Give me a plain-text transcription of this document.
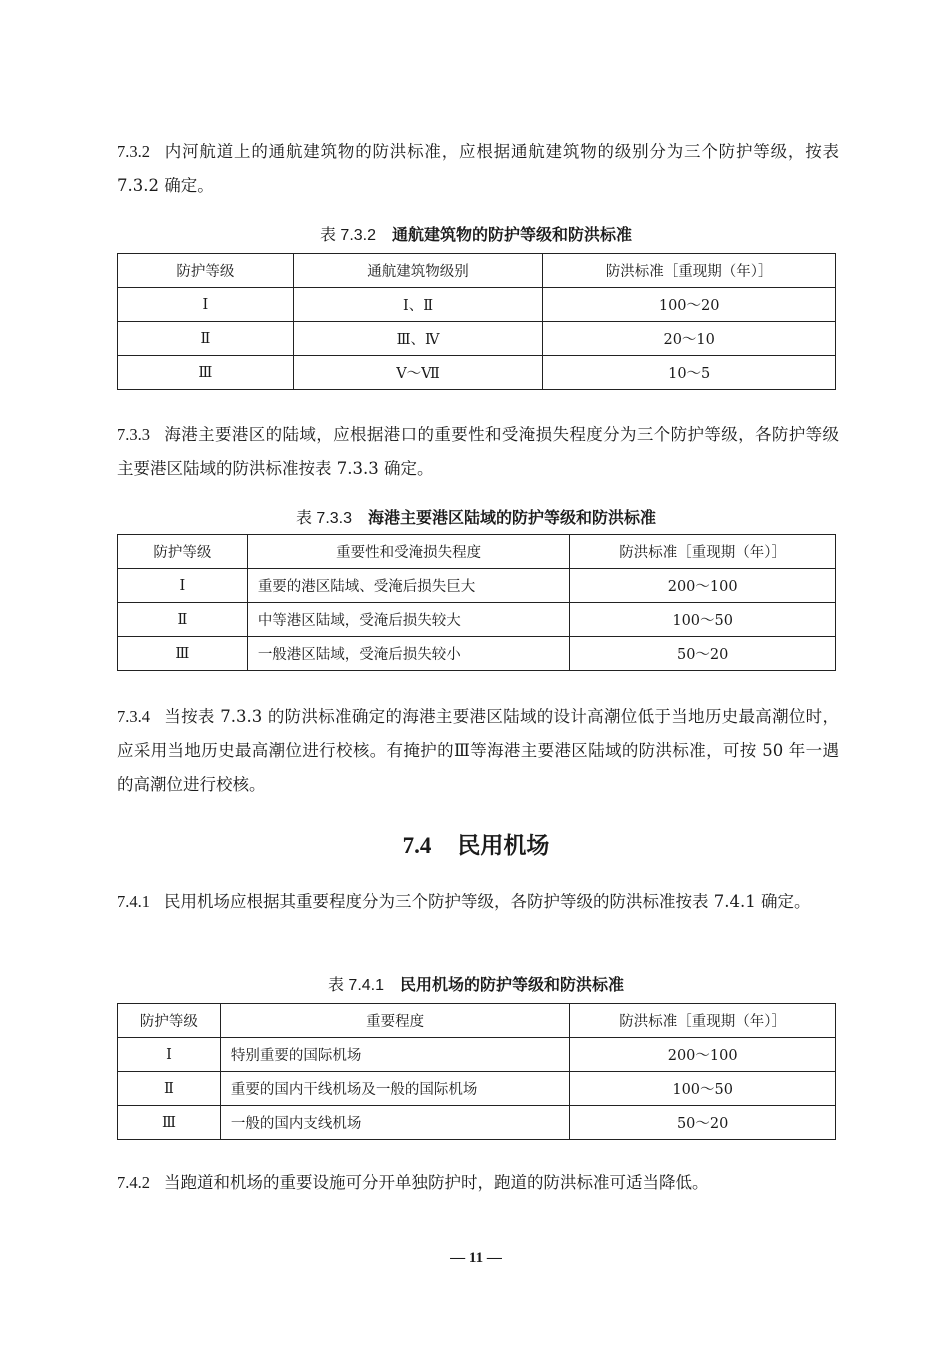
7.3.2 内河航道上的通航建筑物的防洪标准，应根据通航建筑物的级别分为三个防护等级，按表 7.3.2 确定。

表 7.3.2 通航建筑物的防护等级和防洪标准

防护等级	通航建筑物级别	防洪标准［重现期（年）］
Ⅰ	Ⅰ、Ⅱ	100～20
Ⅱ	Ⅲ、Ⅳ	20～10
Ⅲ	Ⅴ～Ⅶ	10～5

7.3.3 海港主要港区的陆域，应根据港口的重要性和受淹损失程度分为三个防护等级，各防护等级主要港区陆域的防洪标准按表 7.3.3 确定。

表 7.3.3 海港主要港区陆域的防护等级和防洪标准

防护等级	重要性和受淹损失程度	防洪标准［重现期（年）］
Ⅰ	重要的港区陆域、受淹后损失巨大	200～100
Ⅱ	中等港区陆域，受淹后损失较大	100～50
Ⅲ	一般港区陆域，受淹后损失较小	50～20

7.3.4 当按表 7.3.3 的防洪标准确定的海港主要港区陆域的设计高潮位低于当地历史最高潮位时，应采用当地历史最高潮位进行校核。有掩护的Ⅲ等海港主要港区陆域的防洪标准，可按 50 年一遇的高潮位进行校核。

7.4 民用机场

7.4.1 民用机场应根据其重要程度分为三个防护等级，各防护等级的防洪标准按表 7.4.1 确定。

表 7.4.1 民用机场的防护等级和防洪标准

防护等级	重要程度	防洪标准［重现期（年）］
Ⅰ	特别重要的国际机场	200～100
Ⅱ	重要的国内干线机场及一般的国际机场	100～50
Ⅲ	一般的国内支线机场	50～20

7.4.2 当跑道和机场的重要设施可分开单独防护时，跑道的防洪标准可适当降低。

— 11 —
